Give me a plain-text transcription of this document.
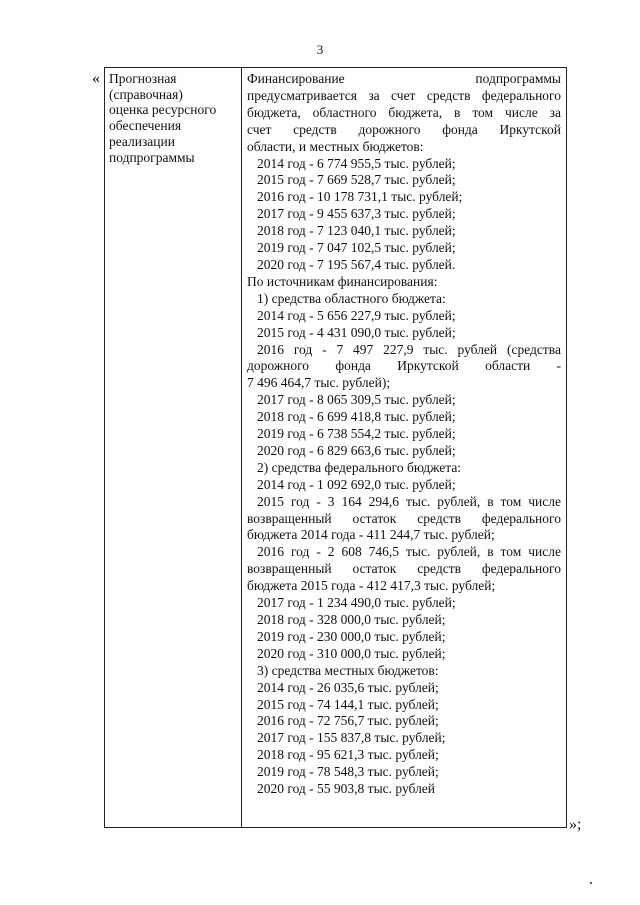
3
« Прогнозная
(справочная)
оценка ресурсного
обеспечения
реализации
подпрограммы
Финансирование подпрограммы
предусматривается за счет средств федерального
бюджета, областного бюджета, в том числе за
счет средств дорожного фонда Иркутской
области, и местных бюджетов:
2014 год - 6 774 955,5 тыс. рублей;
2015 год - 7 669 528,7 тыс. рублей;
2016 год - 10 178 731,1 тыс. рублей;
2017 год - 9 455 637,3 тыс. рублей;
2018 год - 7 123 040,1 тыс. рублей;
2019 год - 7 047 102,5 тыс. рублей;
2020 год - 7 195 567,4 тыс. рублей.
По источникам финансирования:
1) средства областного бюджета:
2014 год - 5 656 227,9 тыс. рублей;
2015 год - 4 431 090,0 тыс. рублей;
2016 год - 7 497 227,9 тыс. рублей (средства
дорожного фонда Иркутской области -
7 496 464,7 тыс. рублей);
2017 год - 8 065 309,5 тыс. рублей;
2018 год - 6 699 418,8 тыс. рублей;
2019 год - 6 738 554,2 тыс. рублей;
2020 год - 6 829 663,6 тыс. рублей;
2) средства федерального бюджета:
2014 год - 1 092 692,0 тыс. рублей;
2015 год - 3 164 294,6 тыс. рублей, в том числе
возвращенный остаток средств федерального
бюджета 2014 года - 411 244,7 тыс. рублей;
2016 год - 2 608 746,5 тыс. рублей, в том числе
возвращенный остаток средств федерального
бюджета 2015 года - 412 417,3 тыс. рублей;
2017 год - 1 234 490,0 тыс. рублей;
2018 год - 328 000,0 тыс. рублей;
2019 год - 230 000,0 тыс. рублей;
2020 год - 310 000,0 тыс. рублей;
3) средства местных бюджетов:
2014 год - 26 035,6 тыс. рублей;
2015 год - 74 144,1 тыс. рублей;
2016 год - 72 756,7 тыс. рублей;
2017 год - 155 837,8 тыс. рублей;
2018 год - 95 621,3 тыс. рублей;
2019 год - 78 548,3 тыс. рублей;
2020 год - 55 903,8 тыс. рублей
»;
